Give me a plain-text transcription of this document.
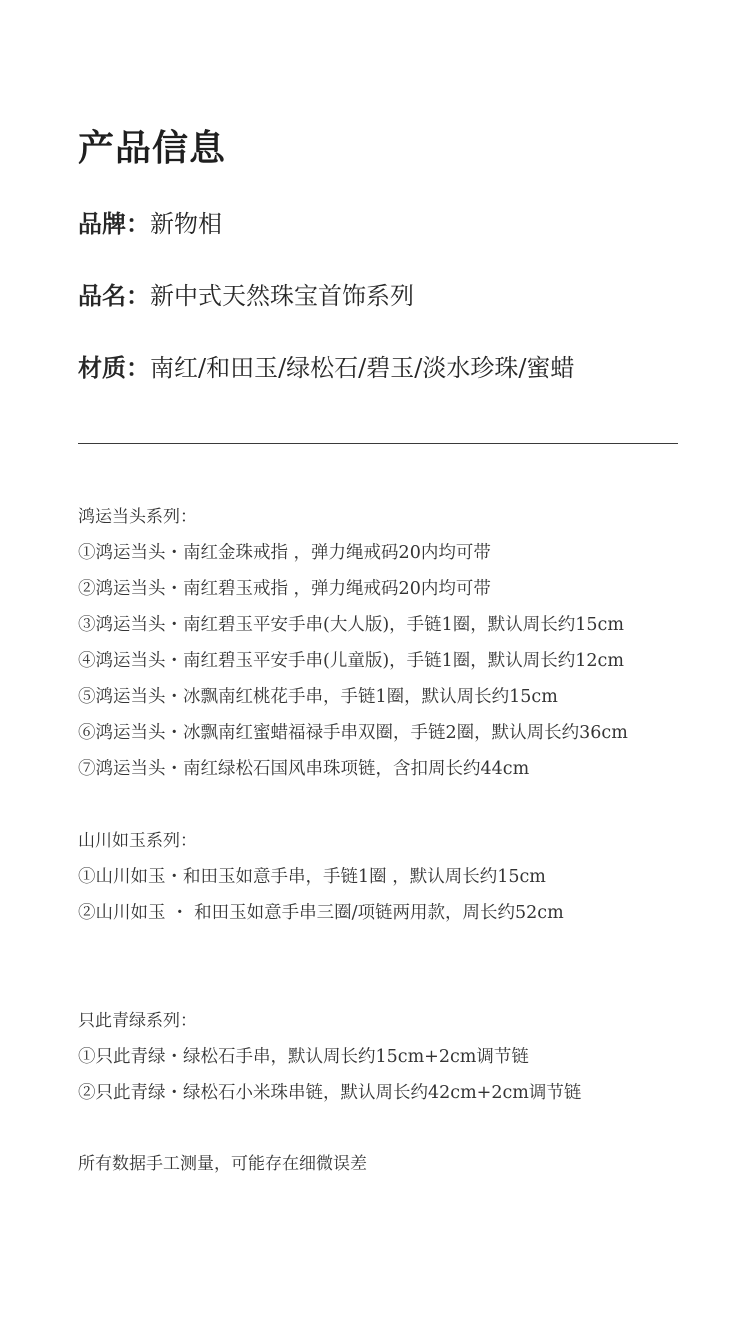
产品信息
品牌：新物相
品名：新中式天然珠宝首饰系列
材质：南红/和田玉/绿松石/碧玉/淡水珍珠/蜜蜡
鸿运当头系列：
①鸿运当头・南红金珠戒指 ，弹力绳戒码20内均可带
②鸿运当头・南红碧玉戒指 ，弹力绳戒码20内均可带
③鸿运当头・南红碧玉平安手串(大人版)，手链1圈，默认周长约15cm
④鸿运当头・南红碧玉平安手串(儿童版)，手链1圈，默认周长约12cm
⑤鸿运当头・冰飘南红桃花手串，手链1圈，默认周长约15cm
⑥鸿运当头・冰飘南红蜜蜡福禄手串双圈，手链2圈，默认周长约36cm
⑦鸿运当头・南红绿松石国风串珠项链，含扣周长约44cm
山川如玉系列：
①山川如玉・和田玉如意手串，手链1圈 ，默认周长约15cm
②山川如玉 ・ 和田玉如意手串三圈/项链两用款，周长约52cm
只此青绿系列：
①只此青绿・绿松石手串，默认周长约15cm+2cm调节链
②只此青绿・绿松石小米珠串链，默认周长约42cm+2cm调节链
所有数据手工测量，可能存在细微误差
